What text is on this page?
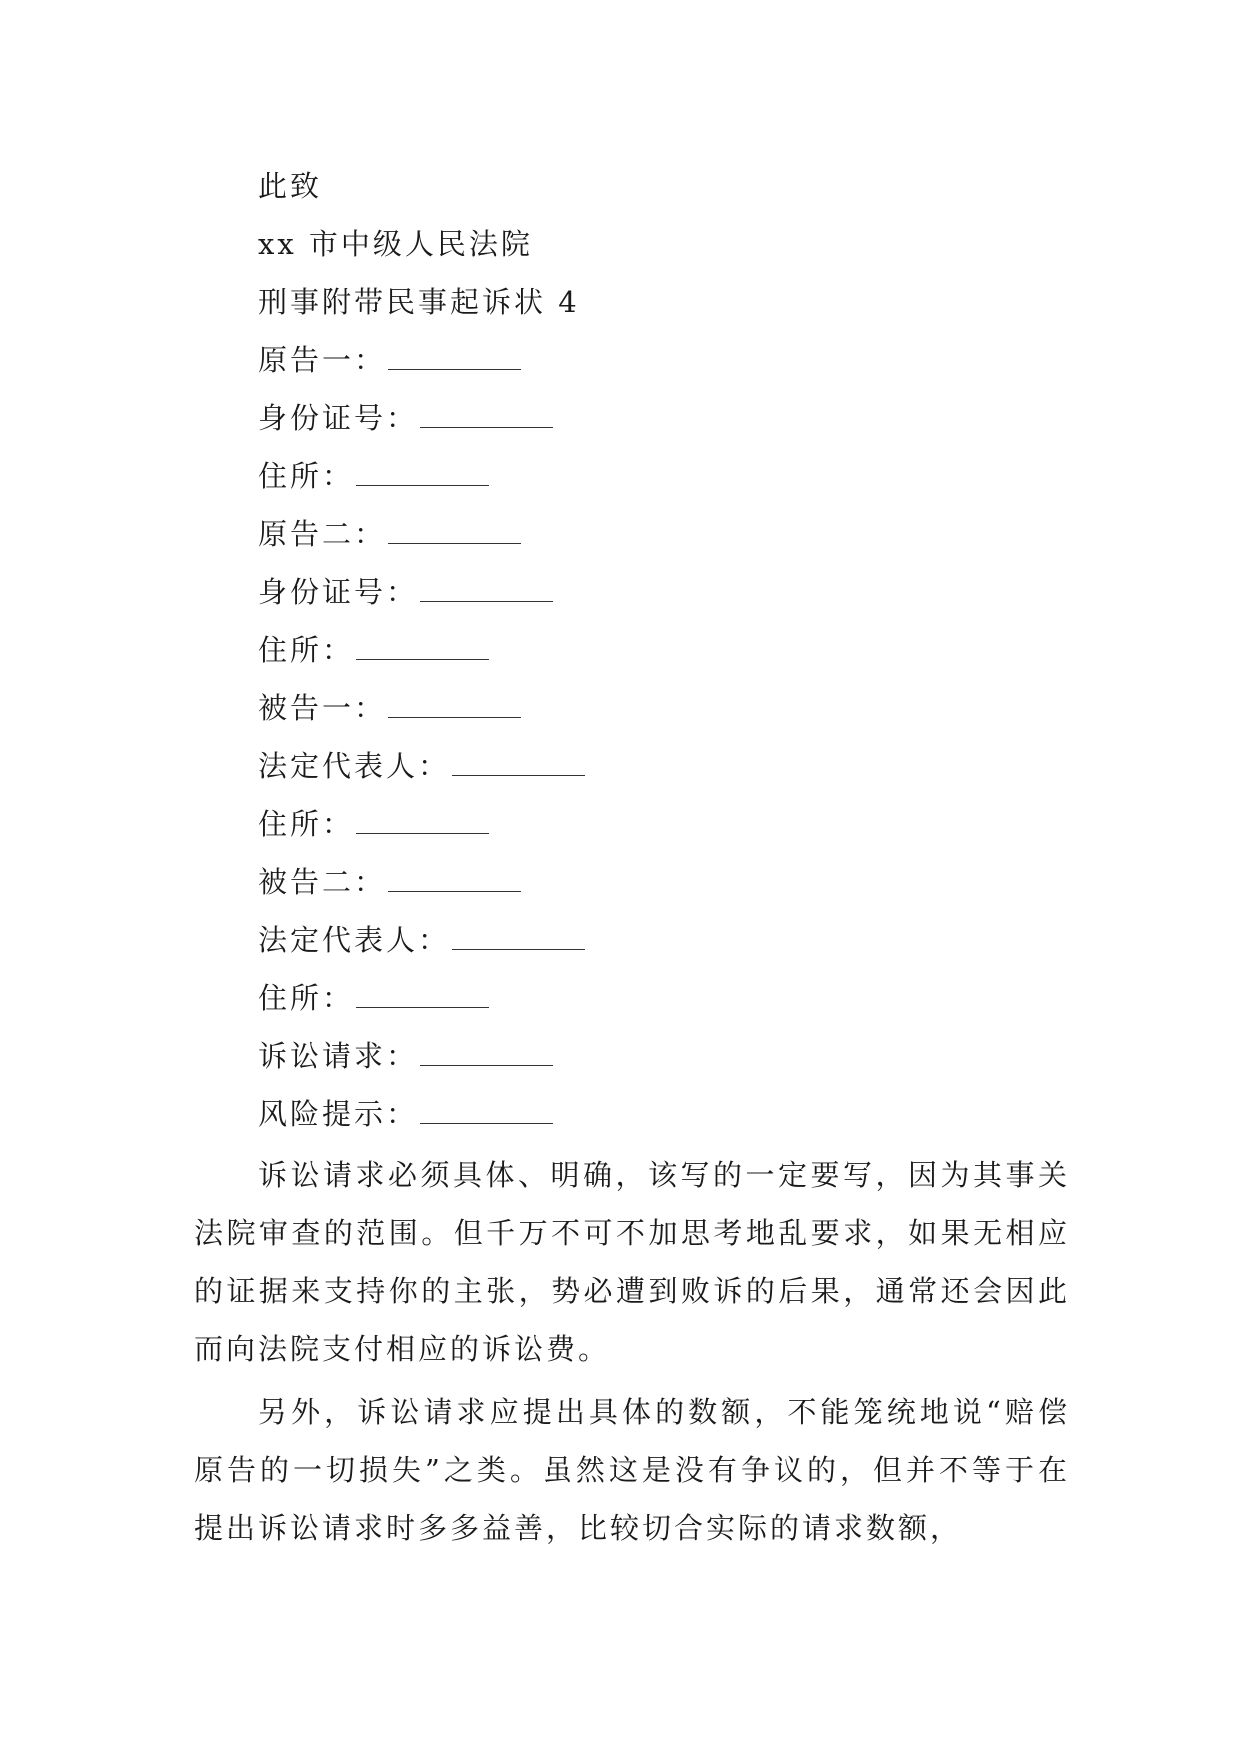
此致
xx 市中级人民法院
刑事附带民事起诉状 4
原告一：
身份证号：
住所：
原告二：
身份证号：
住所：
被告一：
法定代表人：
住所：
被告二：
法定代表人：
住所：
诉讼请求：
风险提示：

诉讼请求必须具体、明确，该写的一定要写，因为其事关法院审查的范围。但千万不可不加思考地乱要求，如果无相应的证据来支持你的主张，势必遭到败诉的后果，通常还会因此而向法院支付相应的诉讼费。

另外，诉讼请求应提出具体的数额，不能笼统地说“赔偿原告的一切损失”之类。虽然这是没有争议的，但并不等于在提出诉讼请求时多多益善，比较切合实际的请求数额，
